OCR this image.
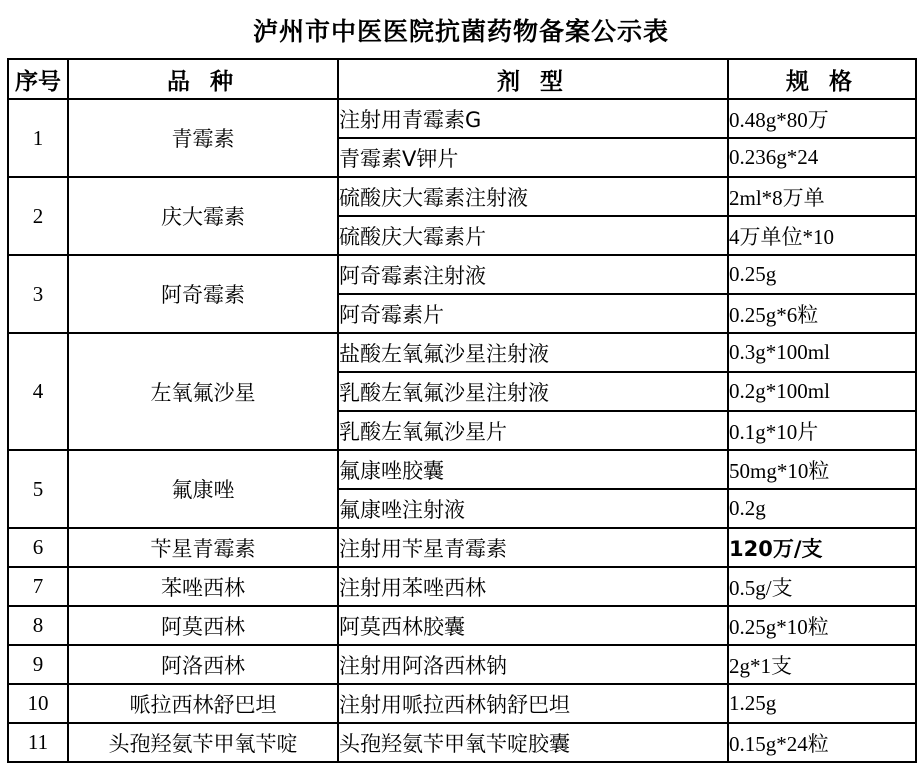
泸州市中医医院抗菌药物备案公示表
序号	品 种	剂 型	规 格
1	青霉素	注射用青霉素G	0.48g*80万
		青霉素V钾片	0.236g*24
2	庆大霉素	硫酸庆大霉素注射液	2ml*8万单
		硫酸庆大霉素片	4万单位*10
3	阿奇霉素	阿奇霉素注射液	0.25g
		阿奇霉素片	0.25g*6粒
4	左氧氟沙星	盐酸左氧氟沙星注射液	0.3g*100ml
		乳酸左氧氟沙星注射液	0.2g*100ml
		乳酸左氧氟沙星片	0.1g*10片
5	氟康唑	氟康唑胶囊	50mg*10粒
		氟康唑注射液	0.2g
6	苄星青霉素	注射用苄星青霉素	120万/支
7	苯唑西林	注射用苯唑西林	0.5g/支
8	阿莫西林	阿莫西林胶囊	0.25g*10粒
9	阿洛西林	注射用阿洛西林钠	2g*1支
10	哌拉西林舒巴坦	注射用哌拉西林钠舒巴坦	1.25g
11	头孢羟氨苄甲氧苄啶	头孢羟氨苄甲氧苄啶胶囊	0.15g*24粒
